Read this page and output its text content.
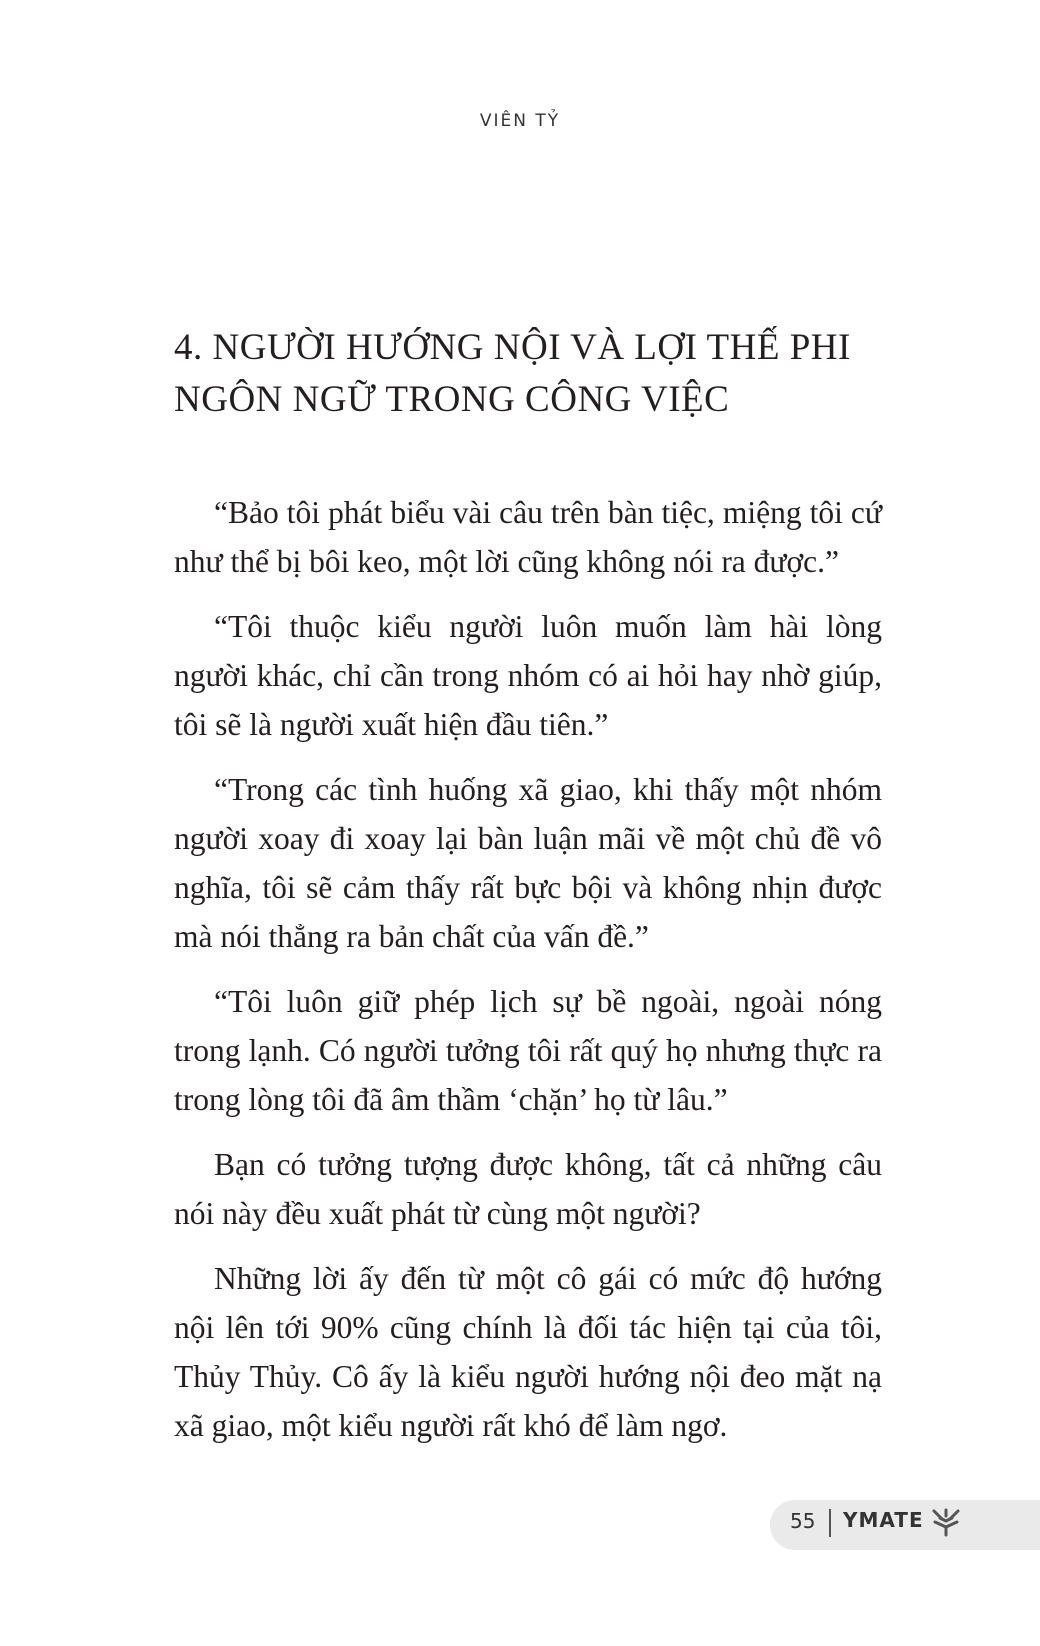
VIÊN TỶ
4. NGƯỜI HƯỚNG NỘI VÀ LỢI THẾ PHI NGÔN NGỮ TRONG CÔNG VIỆC

“Bảo tôi phát biểu vài câu trên bàn tiệc, miệng tôi cứ như thể bị bôi keo, một lời cũng không nói ra được.”

“Tôi thuộc kiểu người luôn muốn làm hài lòng người khác, chỉ cần trong nhóm có ai hỏi hay nhờ giúp, tôi sẽ là người xuất hiện đầu tiên.”

“Trong các tình huống xã giao, khi thấy một nhóm người xoay đi xoay lại bàn luận mãi về một chủ đề vô nghĩa, tôi sẽ cảm thấy rất bực bội và không nhịn được mà nói thẳng ra bản chất của vấn đề.”

“Tôi luôn giữ phép lịch sự bề ngoài, ngoài nóng trong lạnh. Có người tưởng tôi rất quý họ nhưng thực ra trong lòng tôi đã âm thầm ‘chặn’ họ từ lâu.”

Bạn có tưởng tượng được không, tất cả những câu nói này đều xuất phát từ cùng một người?

Những lời ấy đến từ một cô gái có mức độ hướng nội lên tới 90% cũng chính là đối tác hiện tại của tôi, Thủy Thủy. Cô ấy là kiểu người hướng nội đeo mặt nạ xã giao, một kiểu người rất khó để làm ngơ.

55 YMATE
